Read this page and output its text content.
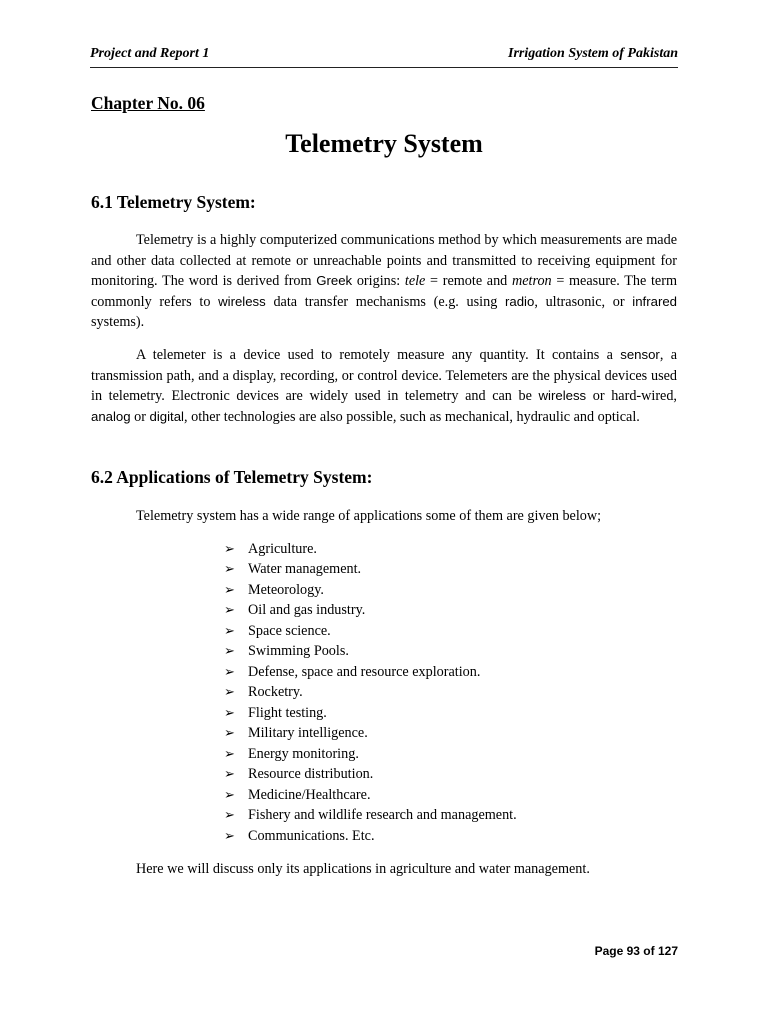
Project and Report 1	Irrigation System of Pakistan
Chapter No. 06
Telemetry System
6.1 Telemetry System:

Telemetry is a highly computerized communications method by which measurements are made and other data collected at remote or unreachable points and transmitted to receiving equipment for monitoring. The word is derived from Greek origins: tele = remote and metron = measure. The term commonly refers to wireless data transfer mechanisms (e.g. using radio, ultrasonic, or infrared systems).

A telemeter is a device used to remotely measure any quantity. It contains a sensor, a transmission path, and a display, recording, or control device. Telemeters are the physical devices used in telemetry. Electronic devices are widely used in telemetry and can be wireless or hard-wired, analog or digital, other technologies are also possible, such as mechanical, hydraulic and optical.

6.2 Applications of Telemetry System:
Telemetry system has a wide range of applications some of them are given below;
➢ Agriculture.
➢ Water management.
➢ Meteorology.
➢ Oil and gas industry.
➢ Space science.
➢ Swimming Pools.
➢ Defense, space and resource exploration.
➢ Rocketry.
➢ Flight testing.
➢ Military intelligence.
➢ Energy monitoring.
➢ Resource distribution.
➢ Medicine/Healthcare.
➢ Fishery and wildlife research and management.
➢ Communications. Etc.
Here we will discuss only its applications in agriculture and water management.
Page 93 of 127
